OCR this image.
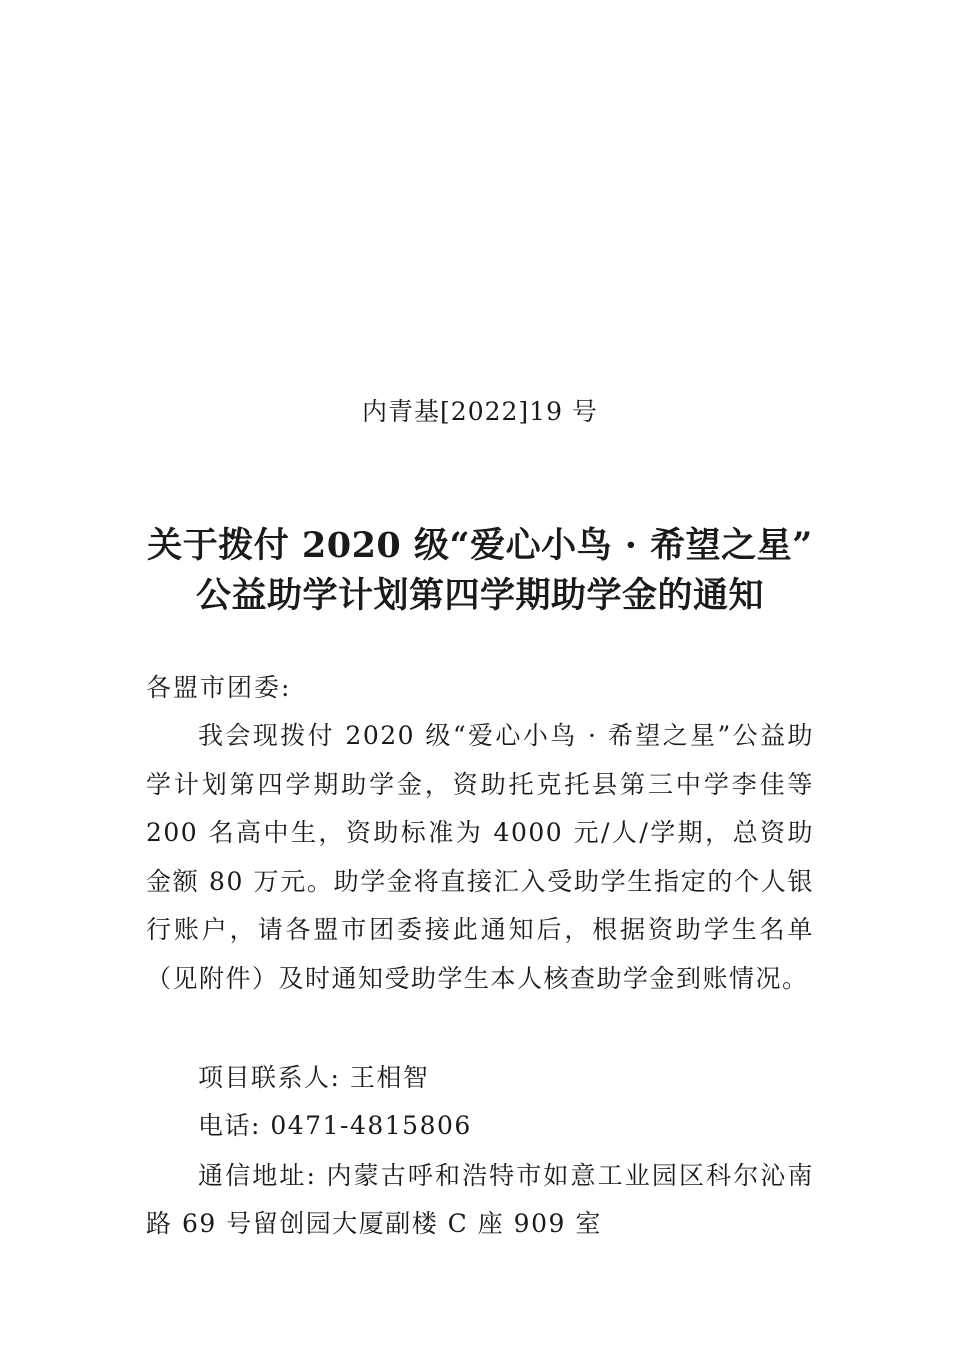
内青基[2022]19 号
关于拨付 2020 级“爱心小鸟 · 希望之星”
公益助学计划第四学期助学金的通知
各盟市团委:

我会现拨付 2020 级“爱心小鸟 · 希望之星”公益助学计划第四学期助学金，资助托克托县第三中学李佳等 200 名高中生，资助标准为 4000 元/人/学期，总资助金额 80 万元。助学金将直接汇入受助学生指定的个人银行账户，请各盟市团委接此通知后，根据资助学生名单（见附件）及时通知受助学生本人核查助学金到账情况。

项目联系人: 王相智
电话: 0471-4815806
通信地址: 内蒙古呼和浩特市如意工业园区科尔沁南路 69 号留创园大厦副楼 C 座 909 室
